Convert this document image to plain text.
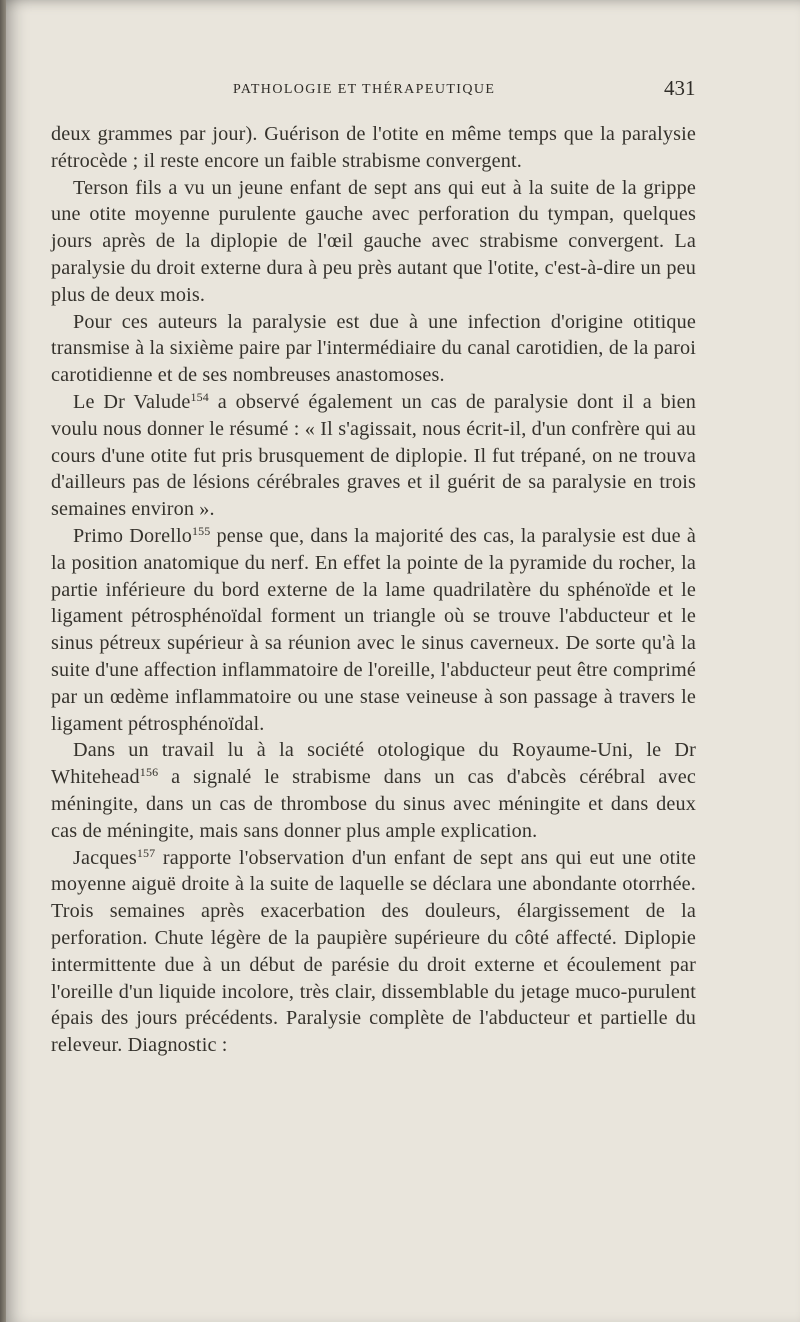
PATHOLOGIE ET THÉRAPEUTIQUE	431

deux grammes par jour). Guérison de l'otite en même temps que la paralysie rétrocède ; il reste encore un faible strabisme convergent.

Terson fils a vu un jeune enfant de sept ans qui eut à la suite de la grippe une otite moyenne purulente gauche avec perforation du tympan, quelques jours après de la diplopie de l'œil gauche avec strabisme convergent. La paralysie du droit externe dura à peu près autant que l'otite, c'est-à-dire un peu plus de deux mois.

Pour ces auteurs la paralysie est due à une infection d'origine otitique transmise à la sixième paire par l'intermédiaire du canal carotidien, de la paroi carotidienne et de ses nombreuses anastomoses.

Le Dr Valude$^{154}$ a observé également un cas de paralysie dont il a bien voulu nous donner le résumé : « Il s'agissait, nous écrit-il, d'un confrère qui au cours d'une otite fut pris brusquement de diplopie. Il fut trépané, on ne trouva d'ailleurs pas de lésions cérébrales graves et il guérit de sa paralysie en trois semaines environ ».

Primo Dorello$^{155}$ pense que, dans la majorité des cas, la paralysie est due à la position anatomique du nerf. En effet la pointe de la pyramide du rocher, la partie inférieure du bord externe de la lame quadrilatère du sphénoïde et le ligament pétrosphénoïdal forment un triangle où se trouve l'abducteur et le sinus pétreux supérieur à sa réunion avec le sinus caverneux. De sorte qu'à la suite d'une affection inflammatoire de l'oreille, l'abducteur peut être comprimé par un œdème inflammatoire ou une stase veineuse à son passage à travers le ligament pétrosphénoïdal.

Dans un travail lu à la société otologique du Royaume-Uni, le Dr Whitehead$^{156}$ a signalé le strabisme dans un cas d'abcès cérébral avec méningite, dans un cas de thrombose du sinus avec méningite et dans deux cas de méningite, mais sans donner plus ample explication.

Jacques$^{157}$ rapporte l'observation d'un enfant de sept ans qui eut une otite moyenne aiguë droite à la suite de laquelle se déclara une abondante otorrhée. Trois semaines après exacerbation des douleurs, élargissement de la perforation. Chute légère de la paupière supérieure du côté affecté. Diplopie intermittente due à un début de parésie du droit externe et écoulement par l'oreille d'un liquide incolore, très clair, dissemblable du jetage muco-purulent épais des jours précédents. Paralysie complète de l'abducteur et partielle du releveur. Diagnostic :
